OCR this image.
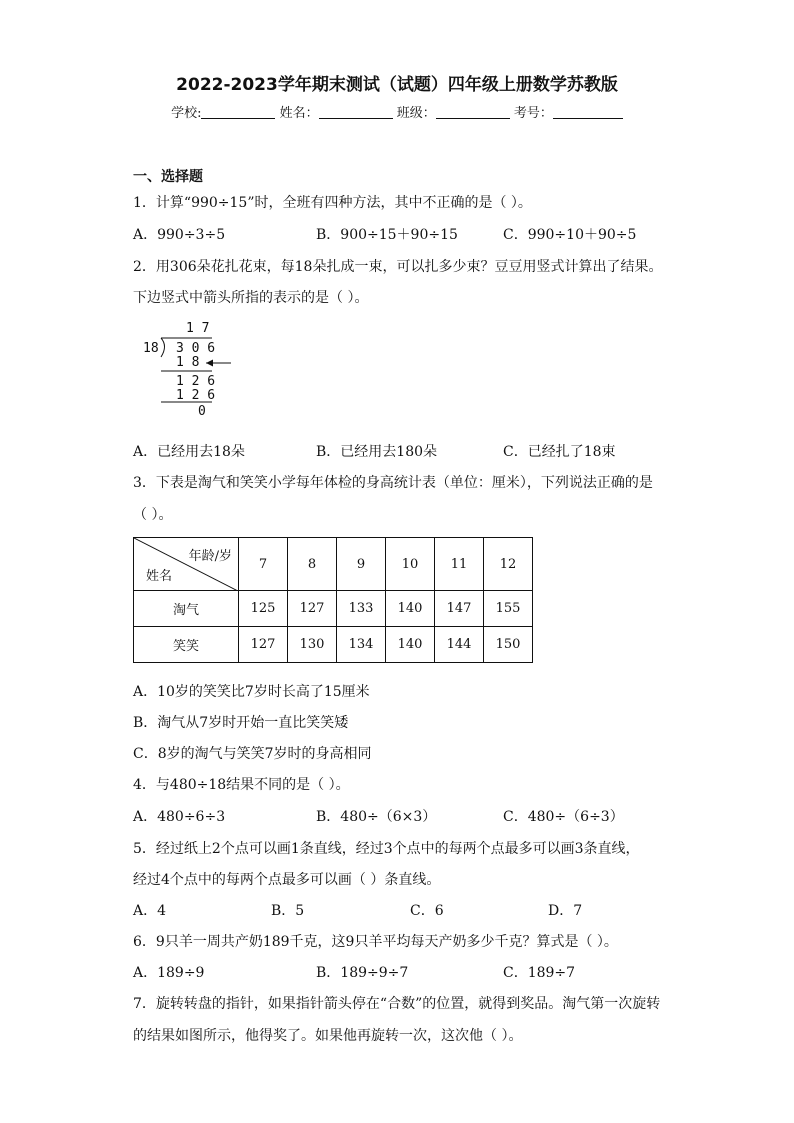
2022-2023学年期末测试（试题）四年级上册数学苏教版
学校:	姓名：	班级：	考号：
一、选择题
1．计算“990÷15”时，全班有四种方法，其中不正确的是（ ）。
A．990÷3÷5	B．900÷15＋90÷15	C．990÷10＋90÷5
2．用306朵花扎花束，每18朵扎成一束，可以扎多少束？豆豆用竖式计算出了结果。
下边竖式中箭头所指的表示的是（ ）。
1 7
18 3 0 6
1 8
1 2 6
1 2 6
0
A．已经用去18朵	B．已经用去180朵	C．已经扎了18束
3．下表是淘气和笑笑小学每年体检的身高统计表（单位：厘米），下列说法正确的是
（ ）。
年龄/岁
姓名	7	8	9	10	11	12
淘气	125	127	133	140	147	155
笑笑	127	130	134	140	144	150
A．10岁的笑笑比7岁时长高了15厘米
B．淘气从7岁时开始一直比笑笑矮
C．8岁的淘气与笑笑7岁时的身高相同
4．与480÷18结果不同的是（ ）。
A．480÷6÷3	B．480÷（6×3）	C．480÷（6÷3）
5．经过纸上2个点可以画1条直线，经过3个点中的每两个点最多可以画3条直线，
经过4个点中的每两个点最多可以画（ ）条直线。
A．4	B．5	C．6	D．7
6．9只羊一周共产奶189千克，这9只羊平均每天产奶多少千克？算式是（ ）。
A．189÷9	B．189÷9÷7	C．189÷7
7．旋转转盘的指针，如果指针箭头停在“合数”的位置，就得到奖品。淘气第一次旋转
的结果如图所示，他得奖了。如果他再旋转一次，这次他（ ）。
